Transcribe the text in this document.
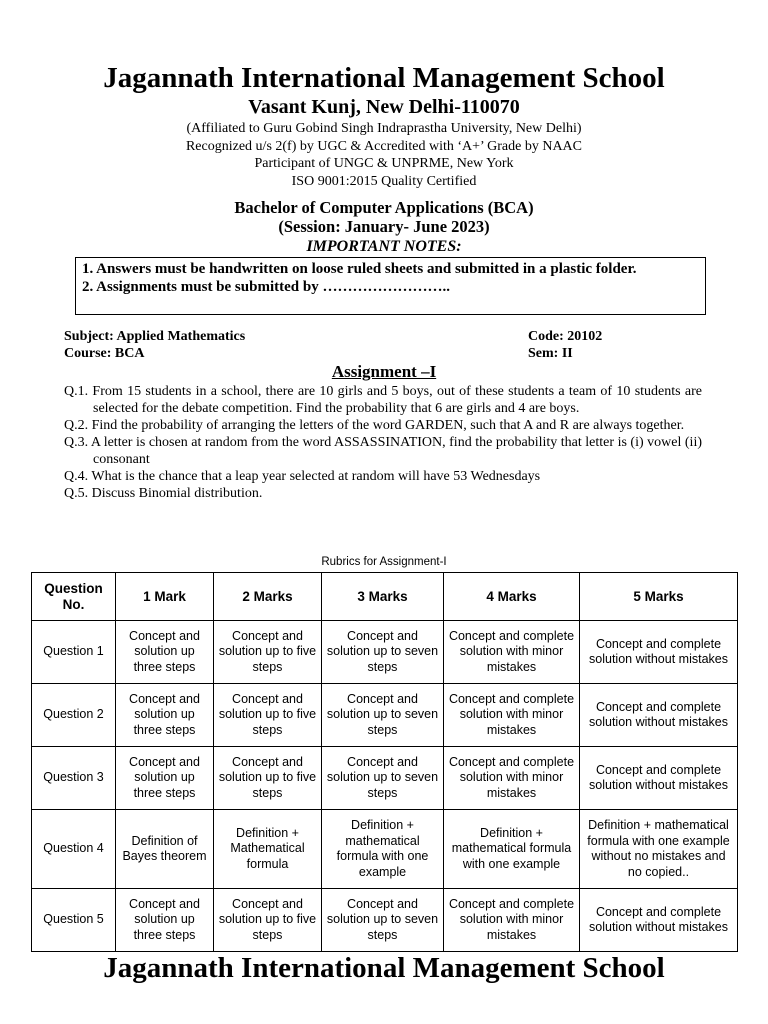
Jagannath International Management School
Vasant Kunj, New Delhi-110070
(Affiliated to Guru Gobind Singh Indraprastha University, New Delhi)
Recognized u/s 2(f) by UGC & Accredited with ‘A+’ Grade by NAAC
Participant of UNGC & UNPRME, New York
ISO 9001:2015 Quality Certified
Bachelor of Computer Applications (BCA)
(Session: January- June 2023)
IMPORTANT NOTES:
1. Answers must be handwritten on loose ruled sheets and submitted in a plastic folder.
2. Assignments must be submitted by ……………………..
Subject: Applied Mathematics	Code: 20102
Course: BCA	Sem: II
Assignment –I
Q.1. From 15 students in a school, there are 10 girls and 5 boys, out of these students a team of 10 students are selected for the debate competition. Find the probability that 6 are girls and 4 are boys.
Q.2. Find the probability of arranging the letters of the word GARDEN, such that A and R are always together.
Q.3. A letter is chosen at random from the word ASSASSINATION, find the probability that letter is (i) vowel (ii) consonant
Q.4. What is the chance that a leap year selected at random will have 53 Wednesdays
Q.5. Discuss Binomial distribution.
Rubrics for Assignment-I
Question No.	1 Mark	2 Marks	3 Marks	4 Marks	5 Marks
Question 1	Concept and solution up three steps	Concept and solution up to five steps	Concept and solution up to seven steps	Concept and complete solution with minor mistakes	Concept and complete solution without mistakes
Question 2	Concept and solution up three steps	Concept and solution up to five steps	Concept and solution up to seven steps	Concept and complete solution with minor mistakes	Concept and complete solution without mistakes
Question 3	Concept and solution up three steps	Concept and solution up to five steps	Concept and solution up to seven steps	Concept and complete solution with minor mistakes	Concept and complete solution without mistakes
Question 4	Definition of Bayes theorem	Definition + Mathematical formula	Definition + mathematical formula with one example	Definition + mathematical formula with one example	Definition + mathematical formula with one example without no mistakes and no copied..
Question 5	Concept and solution up three steps	Concept and solution up to five steps	Concept and solution up to seven steps	Concept and complete solution with minor mistakes	Concept and complete solution without mistakes
Jagannath International Management School
